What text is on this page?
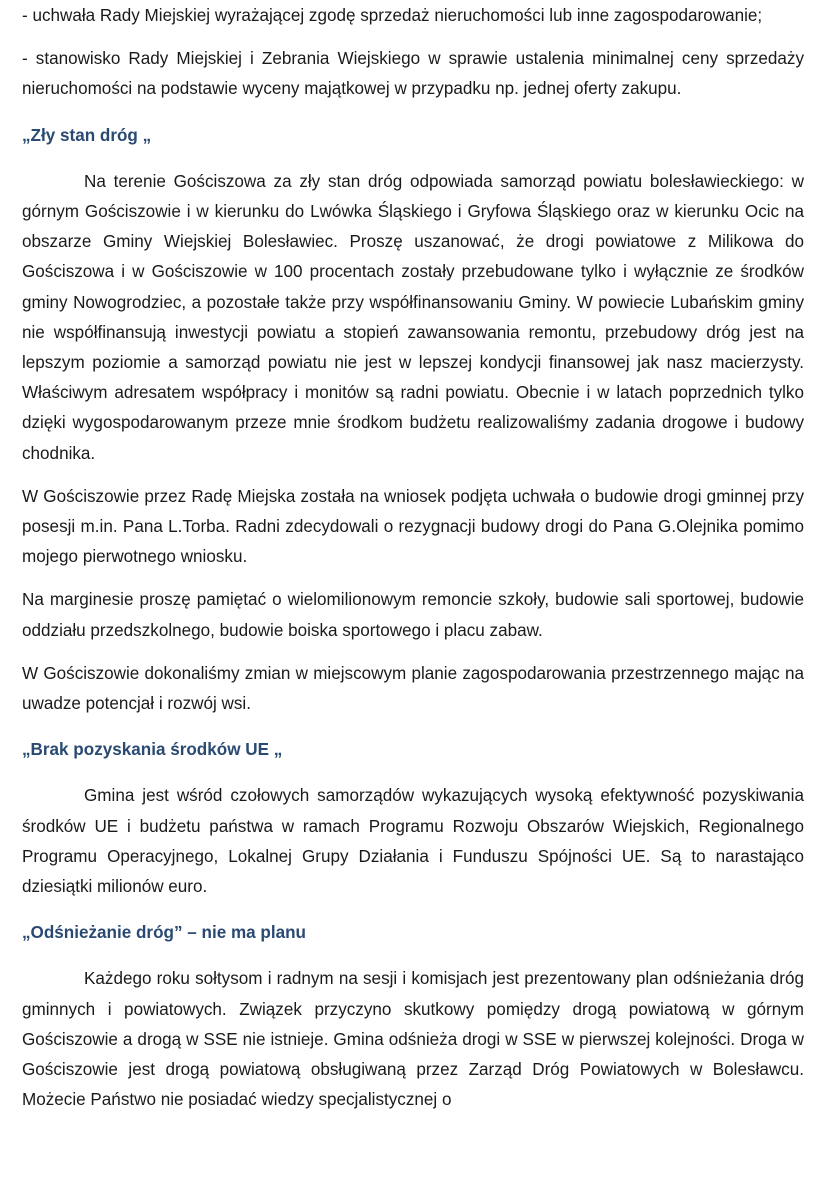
- uchwała Rady Miejskiej wyrażającej zgodę sprzedaż nieruchomości lub inne zagospodarowanie;

- stanowisko Rady Miejskiej i Zebrania Wiejskiego w sprawie ustalenia minimalnej ceny sprzedaży nieruchomości na podstawie wyceny majątkowej w przypadku np. jednej oferty zakupu.

„Zły stan dróg „

Na terenie Gościszowa za zły stan dróg odpowiada samorząd powiatu bolesławieckiego: w górnym Gościszowie i w kierunku do Lwówka Śląskiego i Gryfowa Śląskiego oraz w kierunku Ocic na obszarze Gminy Wiejskiej Bolesławiec. Proszę uszanować, że drogi powiatowe z Milikowa do Gościszowa i w Gościszowie w 100 procentach zostały przebudowane tylko i wyłącznie ze środków gminy Nowogrodziec, a pozostałe także przy współfinansowaniu Gminy. W powiecie Lubańskim gminy nie współfinansują inwestycji powiatu a stopień zawansowania remontu, przebudowy dróg jest na lepszym poziomie a samorząd powiatu nie jest w lepszej kondycji finansowej jak nasz macierzysty. Właściwym adresatem współpracy i monitów są radni powiatu. Obecnie i w latach poprzednich tylko dzięki wygospodarowanym przeze mnie środkom budżetu realizowaliśmy zadania drogowe i budowy chodnika.

W Gościszowie przez Radę Miejska została na wniosek podjęta uchwała o budowie drogi gminnej przy posesji m.in. Pana L.Torba. Radni zdecydowali o rezygnacji budowy drogi do Pana G.Olejnika pomimo mojego pierwotnego wniosku.

Na marginesie proszę pamiętać o wielomilionowym remoncie szkoły, budowie sali sportowej, budowie oddziału przedszkolnego, budowie boiska sportowego i placu zabaw.

W Gościszowie dokonaliśmy zmian w miejscowym planie zagospodarowania przestrzennego mając na uwadze potencjał i rozwój wsi.

„Brak pozyskania środków UE „

Gmina jest wśród czołowych samorządów wykazujących wysoką efektywność pozyskiwania środków UE i budżetu państwa w ramach Programu Rozwoju Obszarów Wiejskich, Regionalnego Programu Operacyjnego, Lokalnej Grupy Działania i Funduszu Spójności UE. Są to narastająco dziesiątki milionów euro.

„Odśnieżanie dróg” – nie ma planu

Każdego roku sołtysom i radnym na sesji i komisjach jest prezentowany plan odśnieżania dróg gminnych i powiatowych. Związek przyczyno skutkowy pomiędzy drogą powiatową w górnym Gościszowie a drogą w SSE nie istnieje. Gmina odśnieża drogi w SSE w pierwszej kolejności. Droga w Gościszowie jest drogą powiatową obsługiwaną przez Zarząd Dróg Powiatowych w Bolesławcu. Możecie Państwo nie posiadać wiedzy specjalistycznej o
